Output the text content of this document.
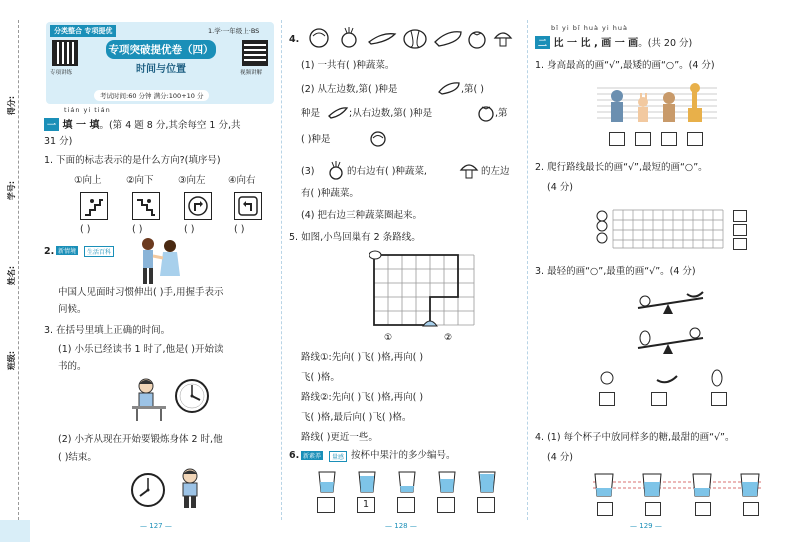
得分:
学号:
姓名:
班级:
分类整合 专项提优	1.学·一年级上·BS
专项讲练	视频讲解
专项突破提优卷（四）
时间与位置
考试时间:60 分钟 满分:100+10 分
tián yi tián
一 填 一 填。(第 4 题 8 分,其余每空 1 分,共
31 分)
1. 下面的标志表示的是什么方向?(填序号)
①向上	②向下	③向左 ④向右
( )	( )	( )	( )
2. 新情境	生活百科
中国人见面时习惯伸出( )手,用握手表示
问候。
3. 在括号里填上正确的时间。
(1) 小乐已经读书 1 时了,他是( )开始读
书的。
(2) 小齐从现在开始要锻炼身体 2 时,他
( )结束。
4.
(1) 一共有( )种蔬菜。
(2) 从左边数,第( )种是	,第( )
种是	;从右边数,第( )种是	,第
( )种是
(3)	的右边有( )种蔬菜,	的左边
有( )种蔬菜。
(4) 把右边三种蔬菜圈起来。
5. 如图,小鸟回巢有 2 条路线。
①	②
路线①:先向( )飞( )格,再向( )
飞( )格。
路线②:先向( )飞( )格,再向( )
飞( )格,最后向( )飞( )格。
路线( )更近一些。
6. 新素养	量感 按杯中果汁的多少编号。
1
bǐ yi bǐ huà yi huà
二 比 一 比 , 画 一 画。(共 20 分)
1. 身高最高的画“√”,最矮的画“○”。(4 分)
2. 爬行路线最长的画“√”,最短的画“○”。
(4 分)
3. 最轻的画“○”,最重的画“√”。(4 分)
4. (1) 每个杯子中放同样多的糖,最甜的画“√”。
(4 分)
— 127 —	— 128 —	— 129 —
